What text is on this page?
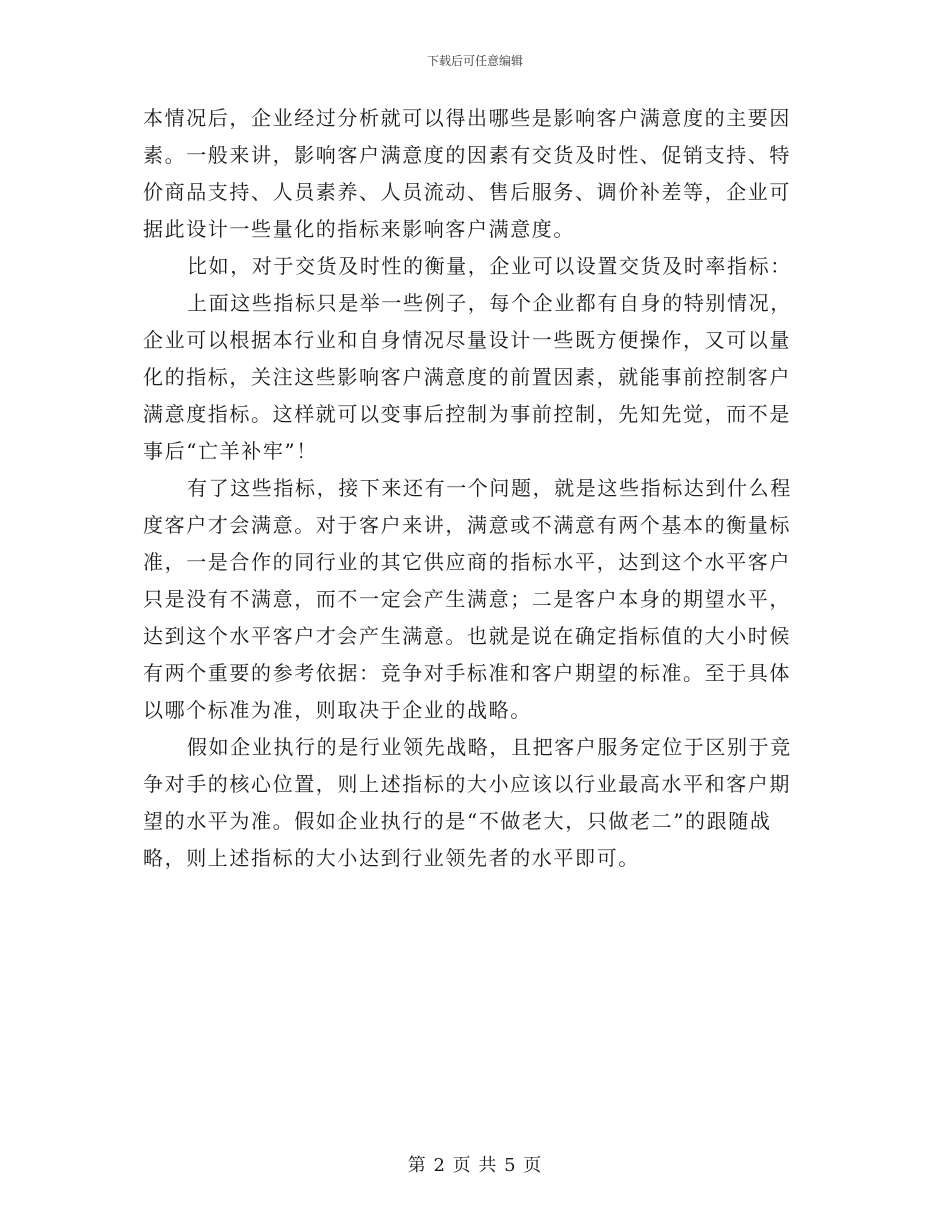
下载后可任意编辑

本情况后，企业经过分析就可以得出哪些是影响客户满意度的主要因
素。一般来讲，影响客户满意度的因素有交货及时性、促销支持、特
价商品支持、人员素养、人员流动、售后服务、调价补差等，企业可
据此设计一些量化的指标来影响客户满意度。

比如，对于交货及时性的衡量，企业可以设置交货及时率指标：

上面这些指标只是举一些例子，每个企业都有自身的特别情况，
企业可以根据本行业和自身情况尽量设计一些既方便操作，又可以量
化的指标，关注这些影响客户满意度的前置因素，就能事前控制客户
满意度指标。这样就可以变事后控制为事前控制，先知先觉，而不是
事后“亡羊补牢”！

有了这些指标，接下来还有一个问题，就是这些指标达到什么程
度客户才会满意。对于客户来讲，满意或不满意有两个基本的衡量标
准，一是合作的同行业的其它供应商的指标水平，达到这个水平客户
只是没有不满意，而不一定会产生满意；二是客户本身的期望水平，
达到这个水平客户才会产生满意。也就是说在确定指标值的大小时候
有两个重要的参考依据：竞争对手标准和客户期望的标准。至于具体
以哪个标准为准，则取决于企业的战略。

假如企业执行的是行业领先战略，且把客户服务定位于区别于竞
争对手的核心位置，则上述指标的大小应该以行业最高水平和客户期
望的水平为准。假如企业执行的是“不做老大，只做老二”的跟随战
略，则上述指标的大小达到行业领先者的水平即可。

第 2 页 共 5 页
